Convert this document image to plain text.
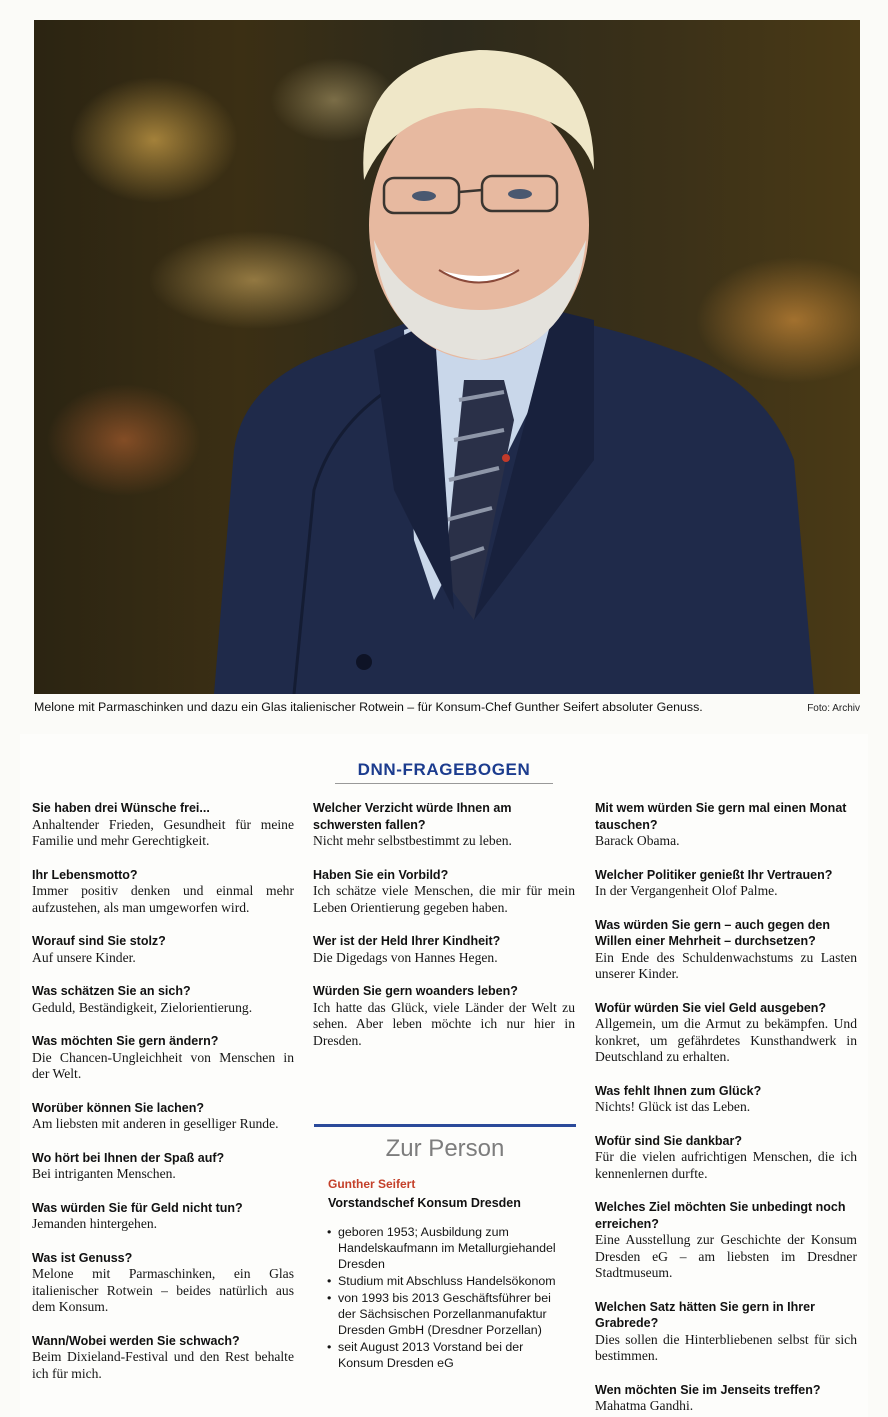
Melone mit Parmaschinken und dazu ein Glas italienischer Rotwein – für Konsum-Chef Gunther Seifert absoluter Genuss.	Foto: Archiv
DNN-FRAGEBOGEN
Sie haben drei Wünsche frei...
Anhaltender Frieden, Gesundheit für meine Familie und mehr Gerechtigkeit.
Ihr Lebensmotto?
Immer positiv denken und einmal mehr aufzustehen, als man umgeworfen wird.
Worauf sind Sie stolz?
Auf unsere Kinder.
Was schätzen Sie an sich?
Geduld, Beständigkeit, Zielorientierung.
Was möchten Sie gern ändern?
Die Chancen-Ungleichheit von Menschen in der Welt.
Worüber können Sie lachen?
Am liebsten mit anderen in geselliger Runde.
Wo hört bei Ihnen der Spaß auf?
Bei intriganten Menschen.
Was würden Sie für Geld nicht tun?
Jemanden hintergehen.
Was ist Genuss?
Melone mit Parmaschinken, ein Glas italienischer Rotwein – beides natürlich aus dem Konsum.
Wann/Wobei werden Sie schwach?
Beim Dixieland-Festival und den Rest behalte ich für mich.
Welcher Verzicht würde Ihnen am schwersten fallen?
Nicht mehr selbstbestimmt zu leben.
Haben Sie ein Vorbild?
Ich schätze viele Menschen, die mir für mein Leben Orientierung gegeben haben.
Wer ist der Held Ihrer Kindheit?
Die Digedags von Hannes Hegen.
Würden Sie gern woanders leben?
Ich hatte das Glück, viele Länder der Welt zu sehen. Aber leben möchte ich nur hier in Dresden.
Mit wem würden Sie gern mal einen Monat tauschen?
Barack Obama.
Welcher Politiker genießt Ihr Vertrauen?
In der Vergangenheit Olof Palme.
Was würden Sie gern – auch gegen den Willen einer Mehrheit – durchsetzen?
Ein Ende des Schuldenwachstums zu Lasten unserer Kinder.
Wofür würden Sie viel Geld ausgeben?
Allgemein, um die Armut zu bekämpfen. Und konkret, um gefährdetes Kunsthandwerk in Deutschland zu erhalten.
Was fehlt Ihnen zum Glück?
Nichts! Glück ist das Leben.
Wofür sind Sie dankbar?
Für die vielen aufrichtigen Menschen, die ich kennenlernen durfte.
Welches Ziel möchten Sie unbedingt noch erreichen?
Eine Ausstellung zur Geschichte der Konsum Dresden eG – am liebsten im Dresdner Stadtmuseum.
Welchen Satz hätten Sie gern in Ihrer Grabrede?
Dies sollen die Hinterbliebenen selbst für sich bestimmen.
Wen möchten Sie im Jenseits treffen?
Mahatma Gandhi.
Zur Person
Gunther Seifert
Vorstandschef Konsum Dresden
• geboren 1953; Ausbildung zum Handelskaufmann im Metallurgiehandel Dresden
• Studium mit Abschluss Handelsökonom
• von 1993 bis 2013 Geschäftsführer bei der Sächsischen Porzellanmanufaktur Dresden GmbH (Dresdner Porzellan)
• seit August 2013 Vorstand bei der Konsum Dresden eG
